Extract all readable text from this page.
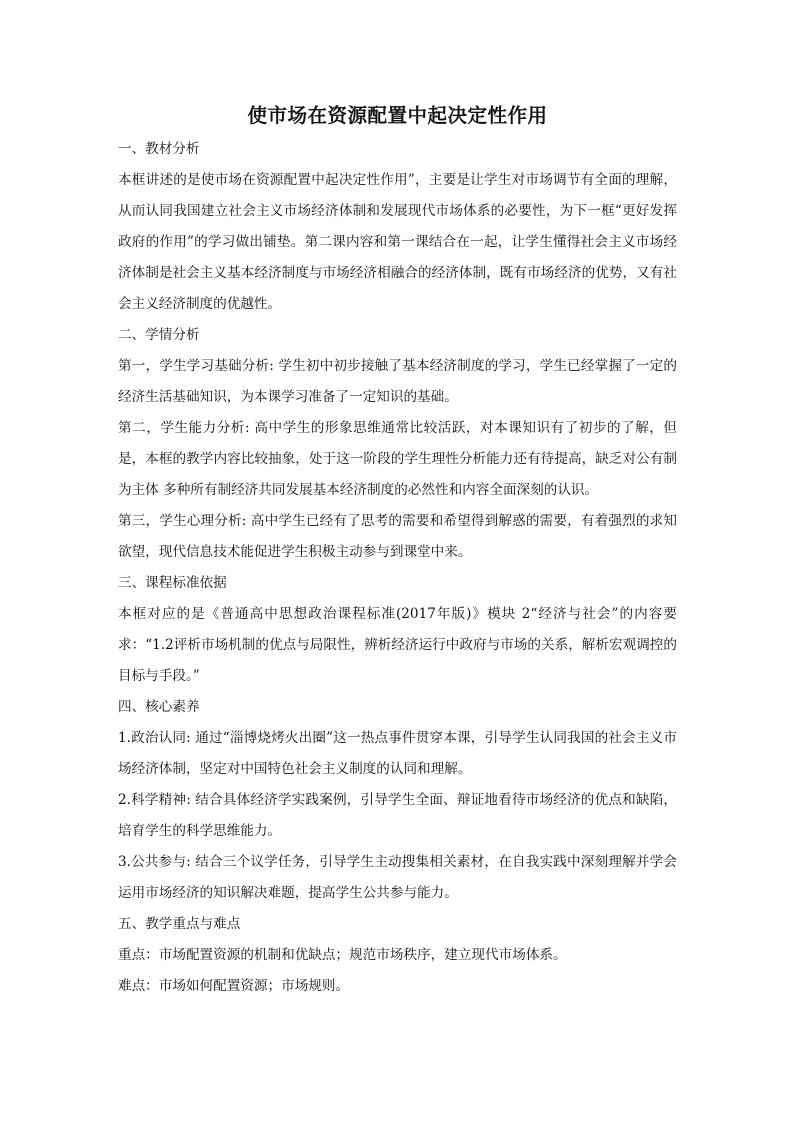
使市场在资源配置中起决定性作用
一、教材分析
本框讲述的是使市场在资源配置中起决定性作用”，主要是让学生对市场调节有全面的理解，从而认同我国建立社会主义市场经济体制和发展现代市场体系的必要性，为下一框“更好发挥政府的作用”的学习做出铺垫。第二课内容和第一课结合在一起，让学生懂得社会主义市场经济体制是社会主义基本经济制度与市场经济相融合的经济体制，既有市场经济的优势，又有社会主义经济制度的优越性。
二、学情分析
第一，学生学习基础分析: 学生初中初步接触了基本经济制度的学习，学生已经掌握了一定的经济生活基础知识，为本课学习准备了一定知识的基础。
第二，学生能力分析: 高中学生的形象思维通常比较活跃，对本课知识有了初步的了解，但是，本框的教学内容比较抽象，处于这一阶段的学生理性分析能力还有待提高，缺乏对公有制为主体 多种所有制经济共同发展基本经济制度的必然性和内容全面深刻的认识。
第三，学生心理分析: 高中学生已经有了思考的需要和希望得到解惑的需要，有着强烈的求知欲望，现代信息技术能促进学生积极主动参与到课堂中来。
三、课程标准依据
本框对应的是《普通高中思想政治课程标准(2017年版)》模块 2“经济与社会”的内容要求：“1.2评析市场机制的优点与局限性，辨析经济运行中政府与市场的关系，解析宏观调控的目标与手段。”
四、核心素养
1.政治认同: 通过“淄博烧烤火出圈”这一热点事件贯穿本课，引导学生认同我国的社会主义市场经济体制，坚定对中国特色社会主义制度的认同和理解。
2.科学精神: 结合具体经济学实践案例，引导学生全面、辩证地看待市场经济的优点和缺陷，培育学生的科学思维能力。
3.公共参与: 结合三个议学任务，引导学生主动搜集相关素材，在自我实践中深刻理解并学会运用市场经济的知识解决难题，提高学生公共参与能力。
五、教学重点与难点
重点：市场配置资源的机制和优缺点；规范市场秩序，建立现代市场体系。
难点：市场如何配置资源；市场规则。
